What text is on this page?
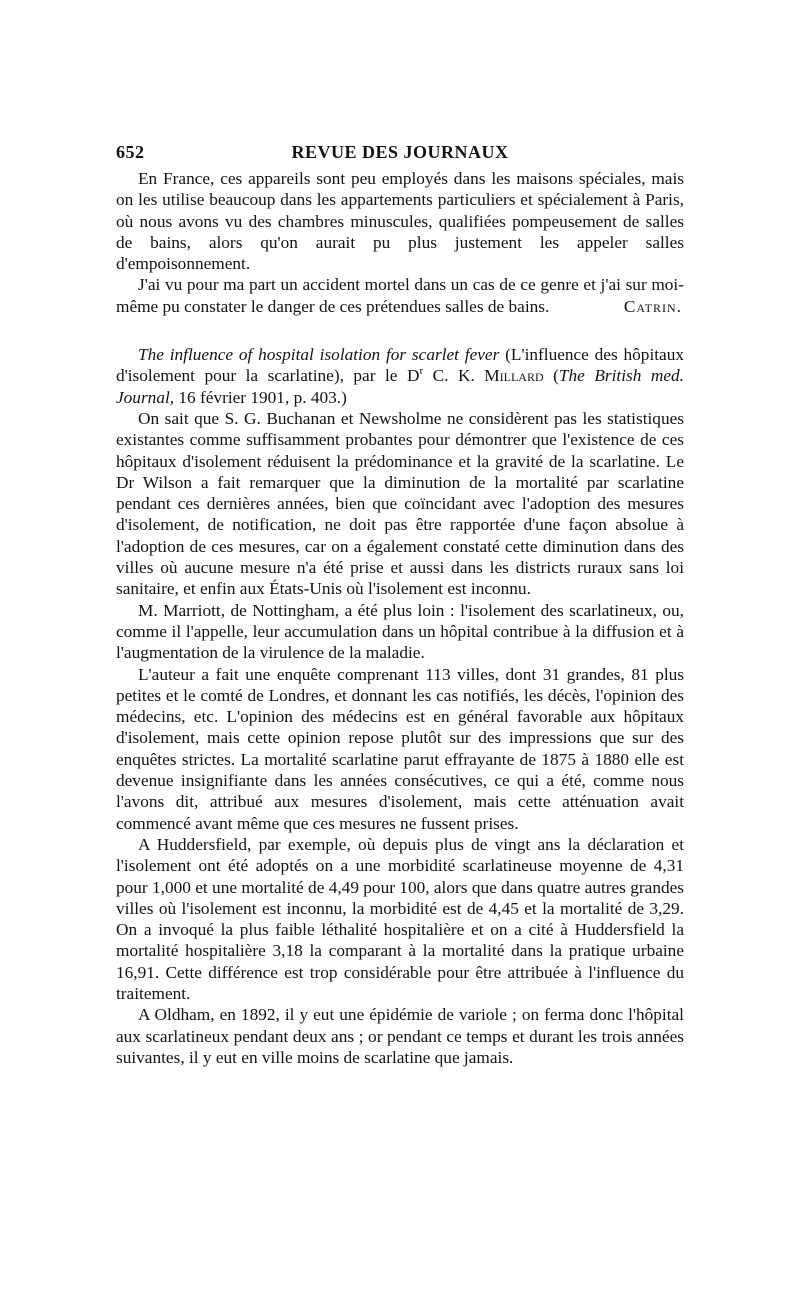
652	REVUE DES JOURNAUX

En France, ces appareils sont peu employés dans les maisons spéciales, mais on les utilise beaucoup dans les appartements particuliers et spécialement à Paris, où nous avons vu des chambres minuscules, qualifiées pompeusement de salles de bains, alors qu'on aurait pu plus justement les appeler salles d'empoisonnement.

J'ai vu pour ma part un accident mortel dans un cas de ce genre et j'ai sur moi-même pu constater le danger de ces prétendues salles de bains.	Catrin.

The influence of hospital isolation for scarlet fever (L'influence des hôpitaux d'isolement pour la scarlatine), par le $D^r$ C. K. Millard (The British med. Journal, 16 février 1901, p. 403.)

On sait que S. G. Buchanan et Newsholme ne considèrent pas les statistiques existantes comme suffisamment probantes pour démontrer que l'existence de ces hôpitaux d'isolement réduisent la prédominance et la gravité de la scarlatine. Le Dr Wilson a fait remarquer que la diminution de la mortalité par scarlatine pendant ces dernières années, bien que coïncidant avec l'adoption des mesures d'isolement, de notification, ne doit pas être rapportée d'une façon absolue à l'adoption de ces mesures, car on a également constaté cette diminution dans des villes où aucune mesure n'a été prise et aussi dans les districts ruraux sans loi sanitaire, et enfin aux États-Unis où l'isolement est inconnu.

M. Marriott, de Nottingham, a été plus loin : l'isolement des scarlatineux, ou, comme il l'appelle, leur accumulation dans un hôpital contribue à la diffusion et à l'augmentation de la virulence de la maladie.

L'auteur a fait une enquête comprenant 113 villes, dont 31 grandes, 81 plus petites et le comté de Londres, et donnant les cas notifiés, les décès, l'opinion des médecins, etc. L'opinion des médecins est en général favorable aux hôpitaux d'isolement, mais cette opinion repose plutôt sur des impressions que sur des enquêtes strictes. La mortalité scarlatine parut effrayante de 1875 à 1880 elle est devenue insignifiante dans les années consécutives, ce qui a été, comme nous l'avons dit, attribué aux mesures d'isolement, mais cette atténuation avait commencé avant même que ces mesures ne fussent prises.

A Huddersfield, par exemple, où depuis plus de vingt ans la déclaration et l'isolement ont été adoptés on a une morbidité scarlatineuse moyenne de 4,31 pour 1,000 et une mortalité de 4,49 pour 100, alors que dans quatre autres grandes villes où l'isolement est inconnu, la morbidité est de 4,45 et la mortalité de 3,29. On a invoqué la plus faible léthalité hospitalière et on a cité à Huddersfield la mortalité hospitalière 3,18 la comparant à la mortalité dans la pratique urbaine 16,91. Cette différence est trop considérable pour être attribuée à l'influence du traitement.

A Oldham, en 1892, il y eut une épidémie de variole ; on ferma donc l'hôpital aux scarlatineux pendant deux ans ; or pendant ce temps et durant les trois années suivantes, il y eut en ville moins de scarlatine que jamais.
